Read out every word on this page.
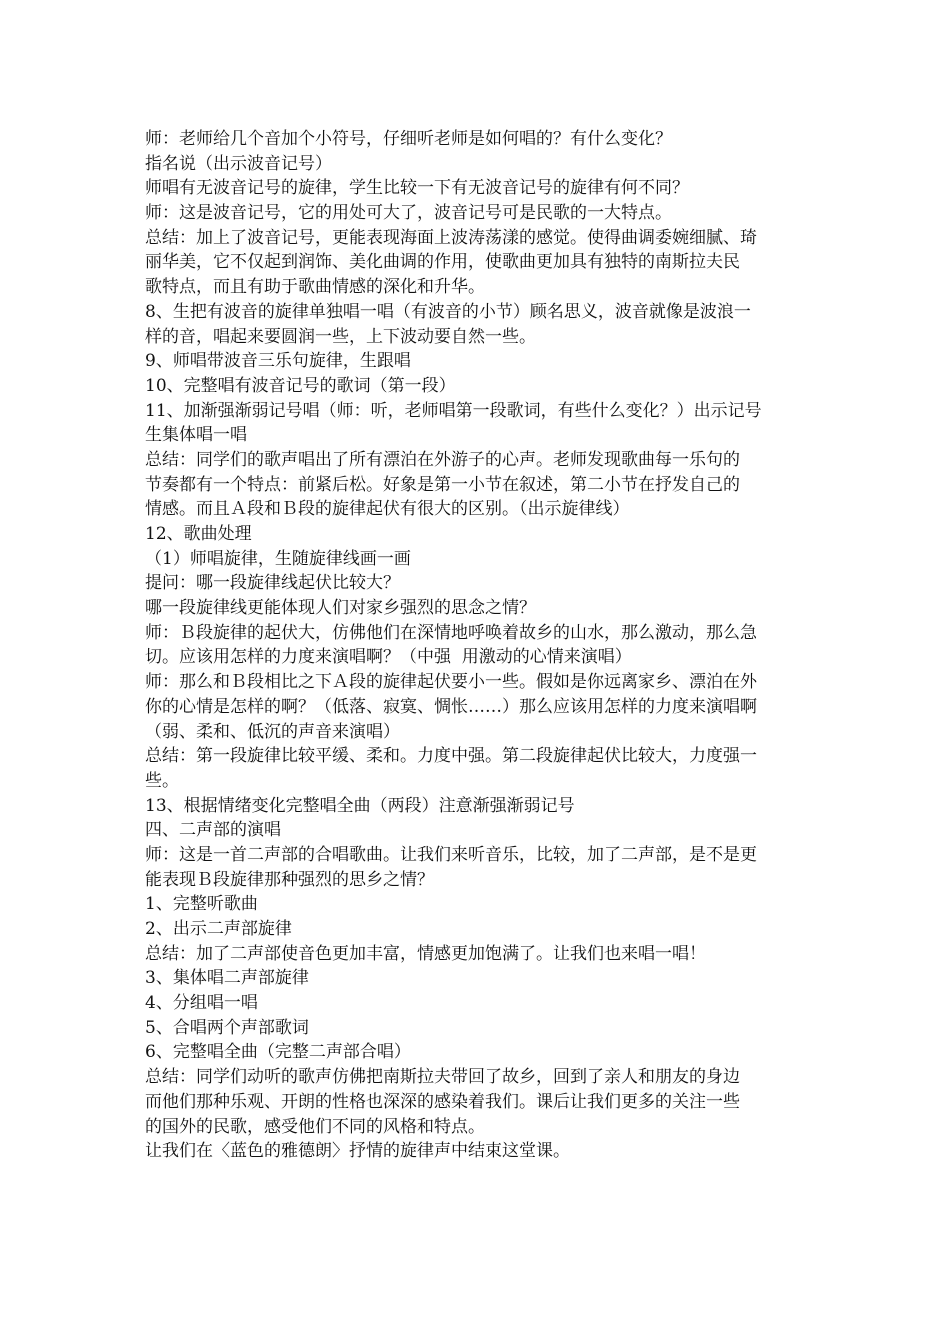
师：老师给几个音加个小符号，仔细听老师是如何唱的？有什么变化？
指名说（出示波音记号）
师唱有无波音记号的旋律，学生比较一下有无波音记号的旋律有何不同？
师：这是波音记号，它的用处可大了，波音记号可是民歌的一大特点。
总结：加上了波音记号，更能表现海面上波涛荡漾的感觉。使得曲调委婉细腻、琦
丽华美，它不仅起到润饰、美化曲调的作用，使歌曲更加具有独特的南斯拉夫民
歌特点，而且有助于歌曲情感的深化和升华。
8、生把有波音的旋律单独唱一唱（有波音的小节）顾名思义，波音就像是波浪一
样的音，唱起来要圆润一些，上下波动要自然一些。
9、师唱带波音三乐句旋律，生跟唱
10、完整唱有波音记号的歌词（第一段）
11、加渐强渐弱记号唱（师：听，老师唱第一段歌词，有些什么变化？）出示记号
生集体唱一唱
总结：同学们的歌声唱出了所有漂泊在外游子的心声。老师发现歌曲每一乐句的
节奏都有一个特点：前紧后松。好象是第一小节在叙述，第二小节在抒发自己的
情感。而且Ａ段和Ｂ段的旋律起伏有很大的区别。（出示旋律线）
12、歌曲处理
（1）师唱旋律，生随旋律线画一画
提问：哪一段旋律线起伏比较大？
哪一段旋律线更能体现人们对家乡强烈的思念之情？
师：Ｂ段旋律的起伏大，仿佛他们在深情地呼唤着故乡的山水，那么激动，那么急
切。应该用怎样的力度来演唱啊？（中强  用激动的心情来演唱）
师：那么和Ｂ段相比之下Ａ段的旋律起伏要小一些。假如是你远离家乡、漂泊在外
你的心情是怎样的啊？（低落、寂寞、惆怅……）那么应该用怎样的力度来演唱啊
（弱、柔和、低沉的声音来演唱）
总结：第一段旋律比较平缓、柔和。力度中强。第二段旋律起伏比较大，力度强一
些。
13、根据情绪变化完整唱全曲（两段）注意渐强渐弱记号
四、二声部的演唱
师：这是一首二声部的合唱歌曲。让我们来听音乐，比较，加了二声部，是不是更
能表现Ｂ段旋律那种强烈的思乡之情？
1、完整听歌曲
2、出示二声部旋律
总结：加了二声部使音色更加丰富，情感更加饱满了。让我们也来唱一唱！
3、集体唱二声部旋律
4、分组唱一唱
5、合唱两个声部歌词
6、完整唱全曲（完整二声部合唱）
总结：同学们动听的歌声仿佛把南斯拉夫带回了故乡，回到了亲人和朋友的身边
而他们那种乐观、开朗的性格也深深的感染着我们。课后让我们更多的关注一些
的国外的民歌，感受他们不同的风格和特点。
让我们在〈蓝色的雅德朗〉抒情的旋律声中结束这堂课。
